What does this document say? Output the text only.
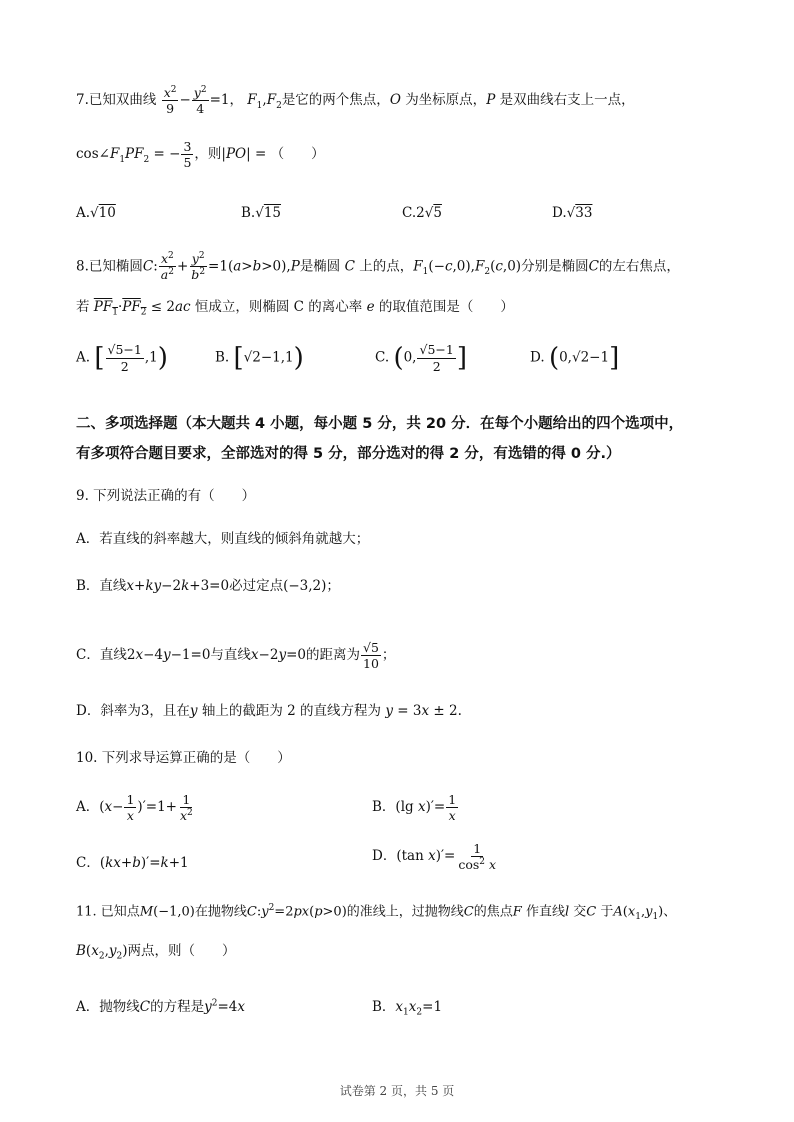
7.已知双曲线 $\frac{x^2}{9} - \frac{y^2}{4} =1$， $F_1,F_2$是它的两个焦点，O 为坐标原点，P 是双曲线右支上一点，
$\cos\angle F_1PF_2$ = − $\frac{3}{5}$ ，则|PO| = （　　）
A.√10	B.√15	C.2√5	D.√33
8.已知椭圆C: $\frac{x^2}{a^2} + \frac{y^2}{b^2} =1(a>b>0),P$是椭圆 C 上的点，$F_1(-c,0),F_2(c,0)$分别是椭圆C的左右焦点，
若 $PF_1\cdot PF_2 \le 2ac$ 恒成立，则椭圆 C 的离心率 e 的取值范围是（　　）
A. [ $\frac{√5-1}{2} ,1$)	B. [√2−1,1)	C. (0, $\frac{√5-1}{2}$ ]	D. (0,√2−1]
二、多项选择题（本大题共 4 小题，每小题 5 分，共 20 分．在每个小题给出的四个选项中，
有多项符合题目要求，全部选对的得 5 分，部分选对的得 2 分，有选错的得 0 分.）
9. 下列说法正确的有（　　）
A．若直线的斜率越大，则直线的倾斜角就越大；
B．直线x+ky−2k+3=0必过定点(−3,2)；
C．直线2x−4y−1=0与直线x−2y=0的距离为 $\frac{√5}{10}$ ；
D．斜率为3，且在y 轴上的截距为 2 的直线方程为 y = 3x ± 2.
10. 下列求导运算正确的是（　　）
A．$(x- \frac{1}{x} )'=1+ \frac{1}{x^2}$	B．(lg $x)'= \frac{1}{x}$
C．(kx+b)′=k+1	D．(tan $x)'= \frac{1}{\cos^2 x}$
11. 已知点M(−1,0)在抛物线$C:y^2=2px(p>0)$的准线上，过抛物线C的焦点F 作直线l 交C 于$A(x_1,y_1)$、
$B(x_2,y_2)$两点，则（　　）
A．抛物线C的方程是$y^2=4x$	B．$x_1x_2=1$
试卷第 2 页，共 5 页
